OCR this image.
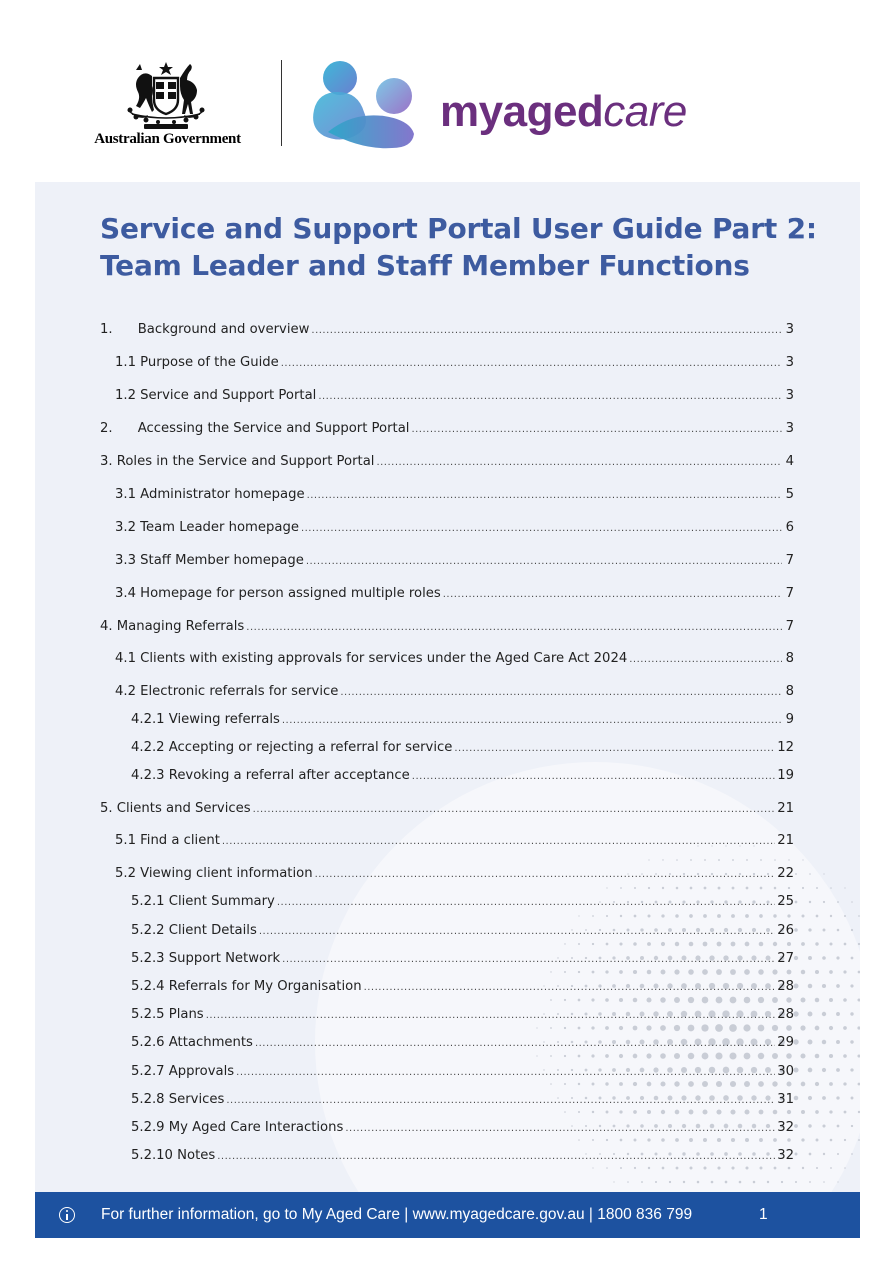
Australian Government
myagedcare
Service and Support Portal User Guide Part 2:
Team Leader and Staff Member Functions
1. Background and overview .....	3
1.1 Purpose of the Guide .....	3
1.2 Service and Support Portal .....	3
2. Accessing the Service and Support Portal .....	3
3. Roles in the Service and Support Portal .....	4
3.1 Administrator homepage .....	5
3.2 Team Leader homepage .....	6
3.3 Staff Member homepage .....	7
3.4 Homepage for person assigned multiple roles .....	7
4. Managing Referrals .....	7
4.1 Clients with existing approvals for services under the Aged Care Act 2024 .....	8
4.2 Electronic referrals for service .....	8
4.2.1 Viewing referrals .....	9
4.2.2 Accepting or rejecting a referral for service .....	12
4.2.3 Revoking a referral after acceptance .....	19
5. Clients and Services .....	21
5.1 Find a client .....	21
5.2 Viewing client information .....	22
5.2.1 Client Summary .....	25
5.2.2 Client Details .....	26
5.2.3 Support Network .....	27
5.2.4 Referrals for My Organisation .....	28
5.2.5 Plans .....	28
5.2.6 Attachments .....	29
5.2.7 Approvals .....	30
5.2.8 Services .....	31
5.2.9 My Aged Care Interactions .....	32
5.2.10 Notes .....	32
For further information, go to My Aged Care | www.myagedcare.gov.au | 1800 836 799	1
